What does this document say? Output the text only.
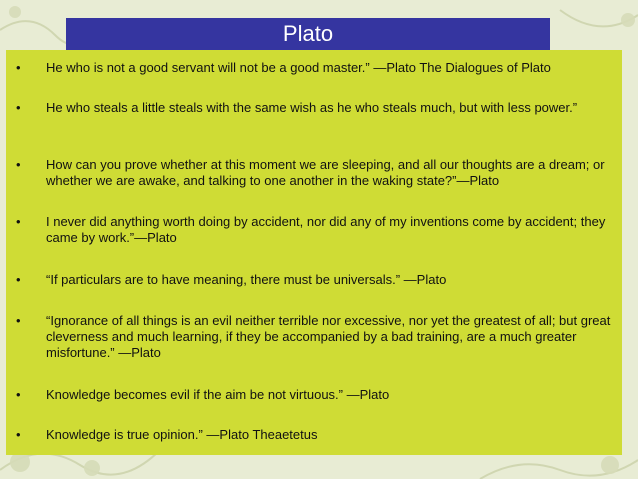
Plato
• He who is not a good servant will not be a good master.” —Plato The Dialogues of Plato
• He who steals a little steals with the same wish as he who steals much, but with less power.”
• How can you prove whether at this moment we are sleeping, and all our thoughts are a dream; or whether we are awake, and talking to one another in the waking state?”—Plato
• I never did anything worth doing by accident, nor did any of my inventions come by accident; they came by work.”—Plato
• “If particulars are to have meaning, there must be universals.” —Plato
• “Ignorance of all things is an evil neither terrible nor excessive, nor yet the greatest of all; but great cleverness and much learning, if they be accompanied by a bad training, are a much greater misfortune.” —Plato
• Knowledge becomes evil if the aim be not virtuous.” —Plato
• Knowledge is true opinion.” —Plato Theaetetus
